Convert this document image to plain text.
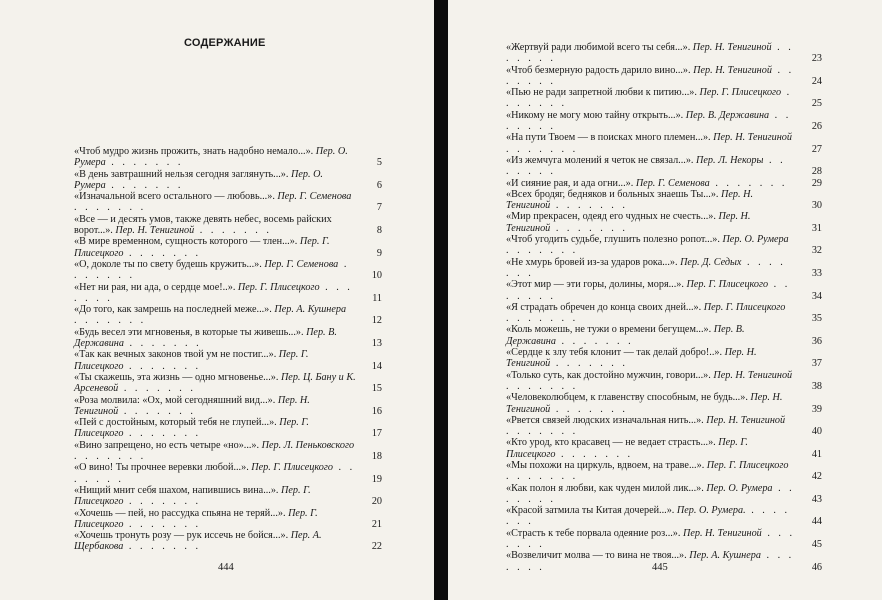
СОДЕРЖАНИЕ
«Чтоб мудро жизнь прожить, знать надобно немало...». Пер. О. Румера . . . . . . .	5
«В день завтрашний нельзя сегодня заглянуть...». Пер. О. Румера . . . . . . .	6
«Изначальной всего остального — любовь...». Пер. Г. Семенова . . . . . . .	7
«Все — и десять умов, также девять небес, восемь райских ворот...». Пер. Н. Тенигиной . . . . . . .	8
«В мире временном, сущность которого — тлен...». Пер. Г. Плисецкого . . . . . . .	9
«О, доколе ты по свету будешь кружить...». Пер. Г. Семенова . . . . . . .	10
«Нет ни рая, ни ада, о сердце мое!..». Пер. Г. Плисецкого . . . . . . .	11
«До того, как замрешь на последней меже...». Пер. А. Кушнера . . . . . . .	12
«Будь весел эти мгновенья, в которые ты живешь...». Пер. В. Державина . . . . . . .	13
«Так как вечных законов твой ум не постиг...». Пер. Г. Плисецкого . . . . . . .	14
«Ты скажешь, эта жизнь — одно мгновенье...». Пер. Ц. Бану и К. Арсеневой . . . . . . .	15
«Роза молвила: «Ох, мой сегодняшний вид...». Пер. Н. Тенигиной . . . . . . .	16
«Пей с достойным, который тебя не глупей...». Пер. Г. Плисецкого . . . . . . .	17
«Вино запрещено, но есть четыре «но»...». Пер. Л. Пеньковского . . . . . . .	18
«О вино! Ты прочнее веревки любой...». Пер. Г. Плисецкого . . . . . . .	19
«Нищий мнит себя шахом, напившись вина...». Пер. Г. Плисецкого . . . . . . .	20
«Хочешь — пей, но рассудка спьяна не теряй...». Пер. Г. Плисецкого . . . . . . .	21
«Хочешь тронуть розу — рук иссечь не бойся...». Пер. А. Щербакова . . . . . . .	22
444
«Жертвуй ради любимой всего ты себя...». Пер. Н. Тенигиной . . . . . . .	23
«Чтоб безмерную радость дарило вино...». Пер. Н. Тенигиной . . . . . . .	24
«Пью не ради запретной любви к питию...». Пер. Г. Плисецкого . . . . . . .	25
«Никому не могу мою тайну открыть...». Пер. В. Державина . . . . . . .	26
«На пути Твоем — в поисках много племен...». Пер. Н. Тенигиной . . . . . . .	27
«Из жемчуга молений я четок не связал...». Пер. Л. Некоры . . . . . . .	28
«И сияние рая, и ада огни...». Пер. Г. Семенова . . . . . . .	29
«Всех бродяг, бедняков и больных знаешь Ты...». Пер. Н. Тенигиной . . . . . . .	30
«Мир прекрасен, одеяд его чудных не счесть...». Пер. Н. Тенигиной . . . . . . .	31
«Чтоб угодить судьбе, глушить полезно ропот...». Пер. О. Румера . . . . . . .	32
«Не хмурь бровей из-за ударов рока...». Пер. Д. Седых . . . . . . .	33
«Этот мир — эти горы, долины, моря...». Пер. Г. Плисецкого . . . . . . .	34
«Я страдать обречен до конца своих дней...». Пер. Г. Плисецкого . . . . . . .	35
«Коль можешь, не тужи о времени бегущем...». Пер. В. Державина . . . . . . .	36
«Сердце к злу тебя клонит — так делай добро!..». Пер. Н. Тенигиной . . . . . . .	37
«Только суть, как достойно мужчин, говори...». Пер. Н. Тенигиной . . . . . . .	38
«Человеколюбцем, к главенству способным, не будь...». Пер. Н. Тенигиной . . . . . . .	39
«Рвется связей людских изначальная нить...». Пер. Н. Тенигиной . . . . . . .	40
«Кто урод, кто красавец — не ведает страсть...». Пер. Г. Плисецкого . . . . . . .	41
«Мы похожи на циркуль, вдвоем, на траве...». Пер. Г. Плисецкого . . . . . . .	42
«Как полон я любви, как чуден милой лик...». Пер. О. Румера . . . . . . .	43
«Красой затмила ты Китая дочерей...». Пер. О. Румера. . . . . . . .	44
«Страсть к тебе порвала одеяние роз...». Пер. Н. Тенигиной . . . . . . .	45
«Возвеличит молва — то вина не твоя...». Пер. А. Кушнера . . . . . . .	46
445
